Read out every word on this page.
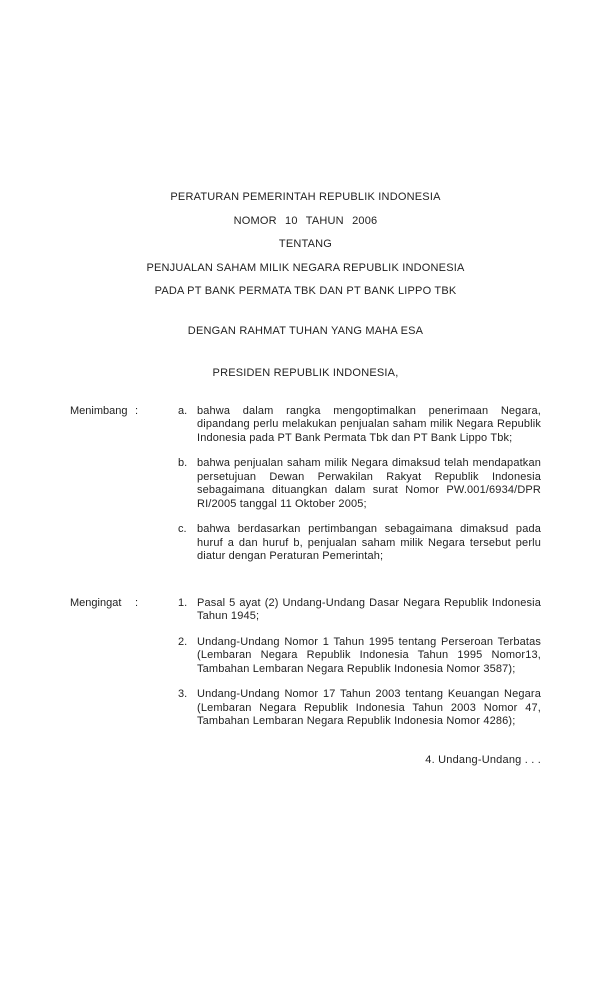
PERATURAN PEMERINTAH REPUBLIK INDONESIA
NOMOR 10 TAHUN 2006
TENTANG
PENJUALAN SAHAM MILIK NEGARA REPUBLIK INDONESIA
PADA PT BANK PERMATA TBK DAN PT BANK LIPPO TBK
DENGAN RAHMAT TUHAN YANG MAHA ESA
PRESIDEN REPUBLIK INDONESIA,
Menimbang :	a. bahwa dalam rangka mengoptimalkan penerimaan Negara, dipandang perlu melakukan penjualan saham milik Negara Republik Indonesia pada PT Bank Permata Tbk dan PT Bank Lippo Tbk;
b. bahwa penjualan saham milik Negara dimaksud telah mendapatkan persetujuan Dewan Perwakilan Rakyat Republik Indonesia sebagaimana dituangkan dalam surat Nomor PW.001/6934/DPR RI/2005 tanggal 11 Oktober 2005;
c. bahwa berdasarkan pertimbangan sebagaimana dimaksud pada huruf a dan huruf b, penjualan saham milik Negara tersebut perlu diatur dengan Peraturan Pemerintah;
Mengingat	:	1. Pasal 5 ayat (2) Undang-Undang Dasar Negara Republik Indonesia Tahun 1945;
2. Undang-Undang Nomor 1 Tahun 1995 tentang Perseroan Terbatas (Lembaran Negara Republik Indonesia Tahun 1995 Nomor13, Tambahan Lembaran Negara Republik Indonesia Nomor 3587);
3. Undang-Undang Nomor 17 Tahun 2003 tentang Keuangan Negara (Lembaran Negara Republik Indonesia Tahun 2003 Nomor 47, Tambahan Lembaran Negara Republik Indonesia Nomor 4286);
4. Undang-Undang . . .
